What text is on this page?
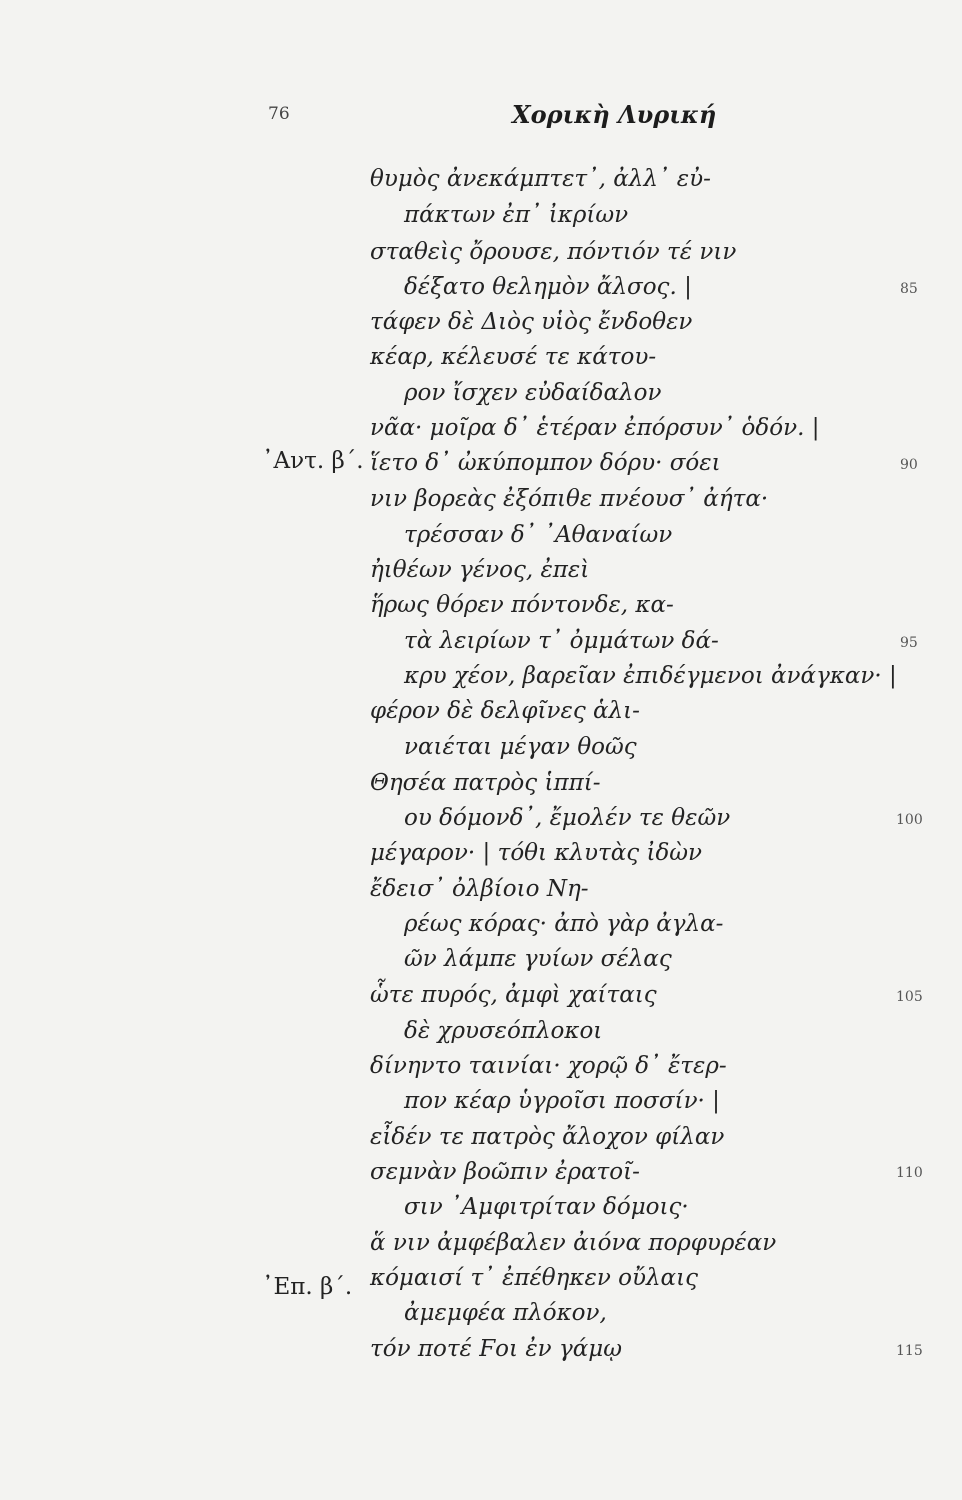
76	Χορικὴ Λυρική
᾿Αντ. β΄.
᾿Επ. β΄.
θυμὸς ἀνεκάμπτετ᾿, ἀλλ᾿ εὐ-
πάκτων ἐπ᾿ ἰκρίων
σταθεὶς ὄρουσε, πόντιόν τέ νιν
δέξατο θελημὸν ἄλσος. |
τάφεν δὲ Διὸς υἱὸς ἔνδοθεν
κέαρ, κέλευσέ τε κάτου-
ρον ἴσχεν εὐδαίδαλον
νᾶα· μοῖρα δ᾿ ἑτέραν ἐπόρσυν᾿ ὁδόν. |
ἵετο δ᾿ ὠκύπομπον δόρυ· σόει
νιν βορεὰς ἐξόπιθε πνέουσ᾿ ἀήτα·
τρέσσαν δ᾿ ᾿Αθαναίων
ἠιθέων γένος, ἐπεὶ
ἥρως θόρεν πόντονδε, κα-
τὰ λειρίων τ᾿ ὀμμάτων δά-
κρυ χέον, βαρεῖαν ἐπιδέγμενοι ἀνάγκαν· |
φέρον δὲ δελφῖνες ἁλι-
ναιέται μέγαν θοῶς
Θησέα πατρὸς ἱππί-
ου δόμονδ᾿, ἔμολέν τε θεῶν
μέγαρον· | τόθι κλυτὰς ἰδὼν
ἔδεισ᾿ ὀλβίοιο Νη-
ρέως κόρας· ἀπὸ γὰρ ἀγλα-
ῶν λάμπε γυίων σέλας
ὧτε πυρός, ἀμφὶ χαίταις
δὲ χρυσεόπλοκοι
δίνηντο ταινίαι· χορῷ δ᾿ ἔτερ-
πον κέαρ ὑγροῖσι ποσσίν· |
εἶδέν τε πατρὸς ἄλοχον φίλαν
σεμνὰν βοῶπιν ἐρατοῖ-
σιν ᾿Αμφιτρίταν δόμοις·
ἅ νιν ἀμφέβαλεν ἀιόνα πορφυρέαν
κόμαισί τ᾿ ἐπέθηκεν οὔλαις
ἀμεμφέα πλόκον,
τόν ποτέ Ϝοι ἐν γάμῳ
85
90
95
100
105
110
115
